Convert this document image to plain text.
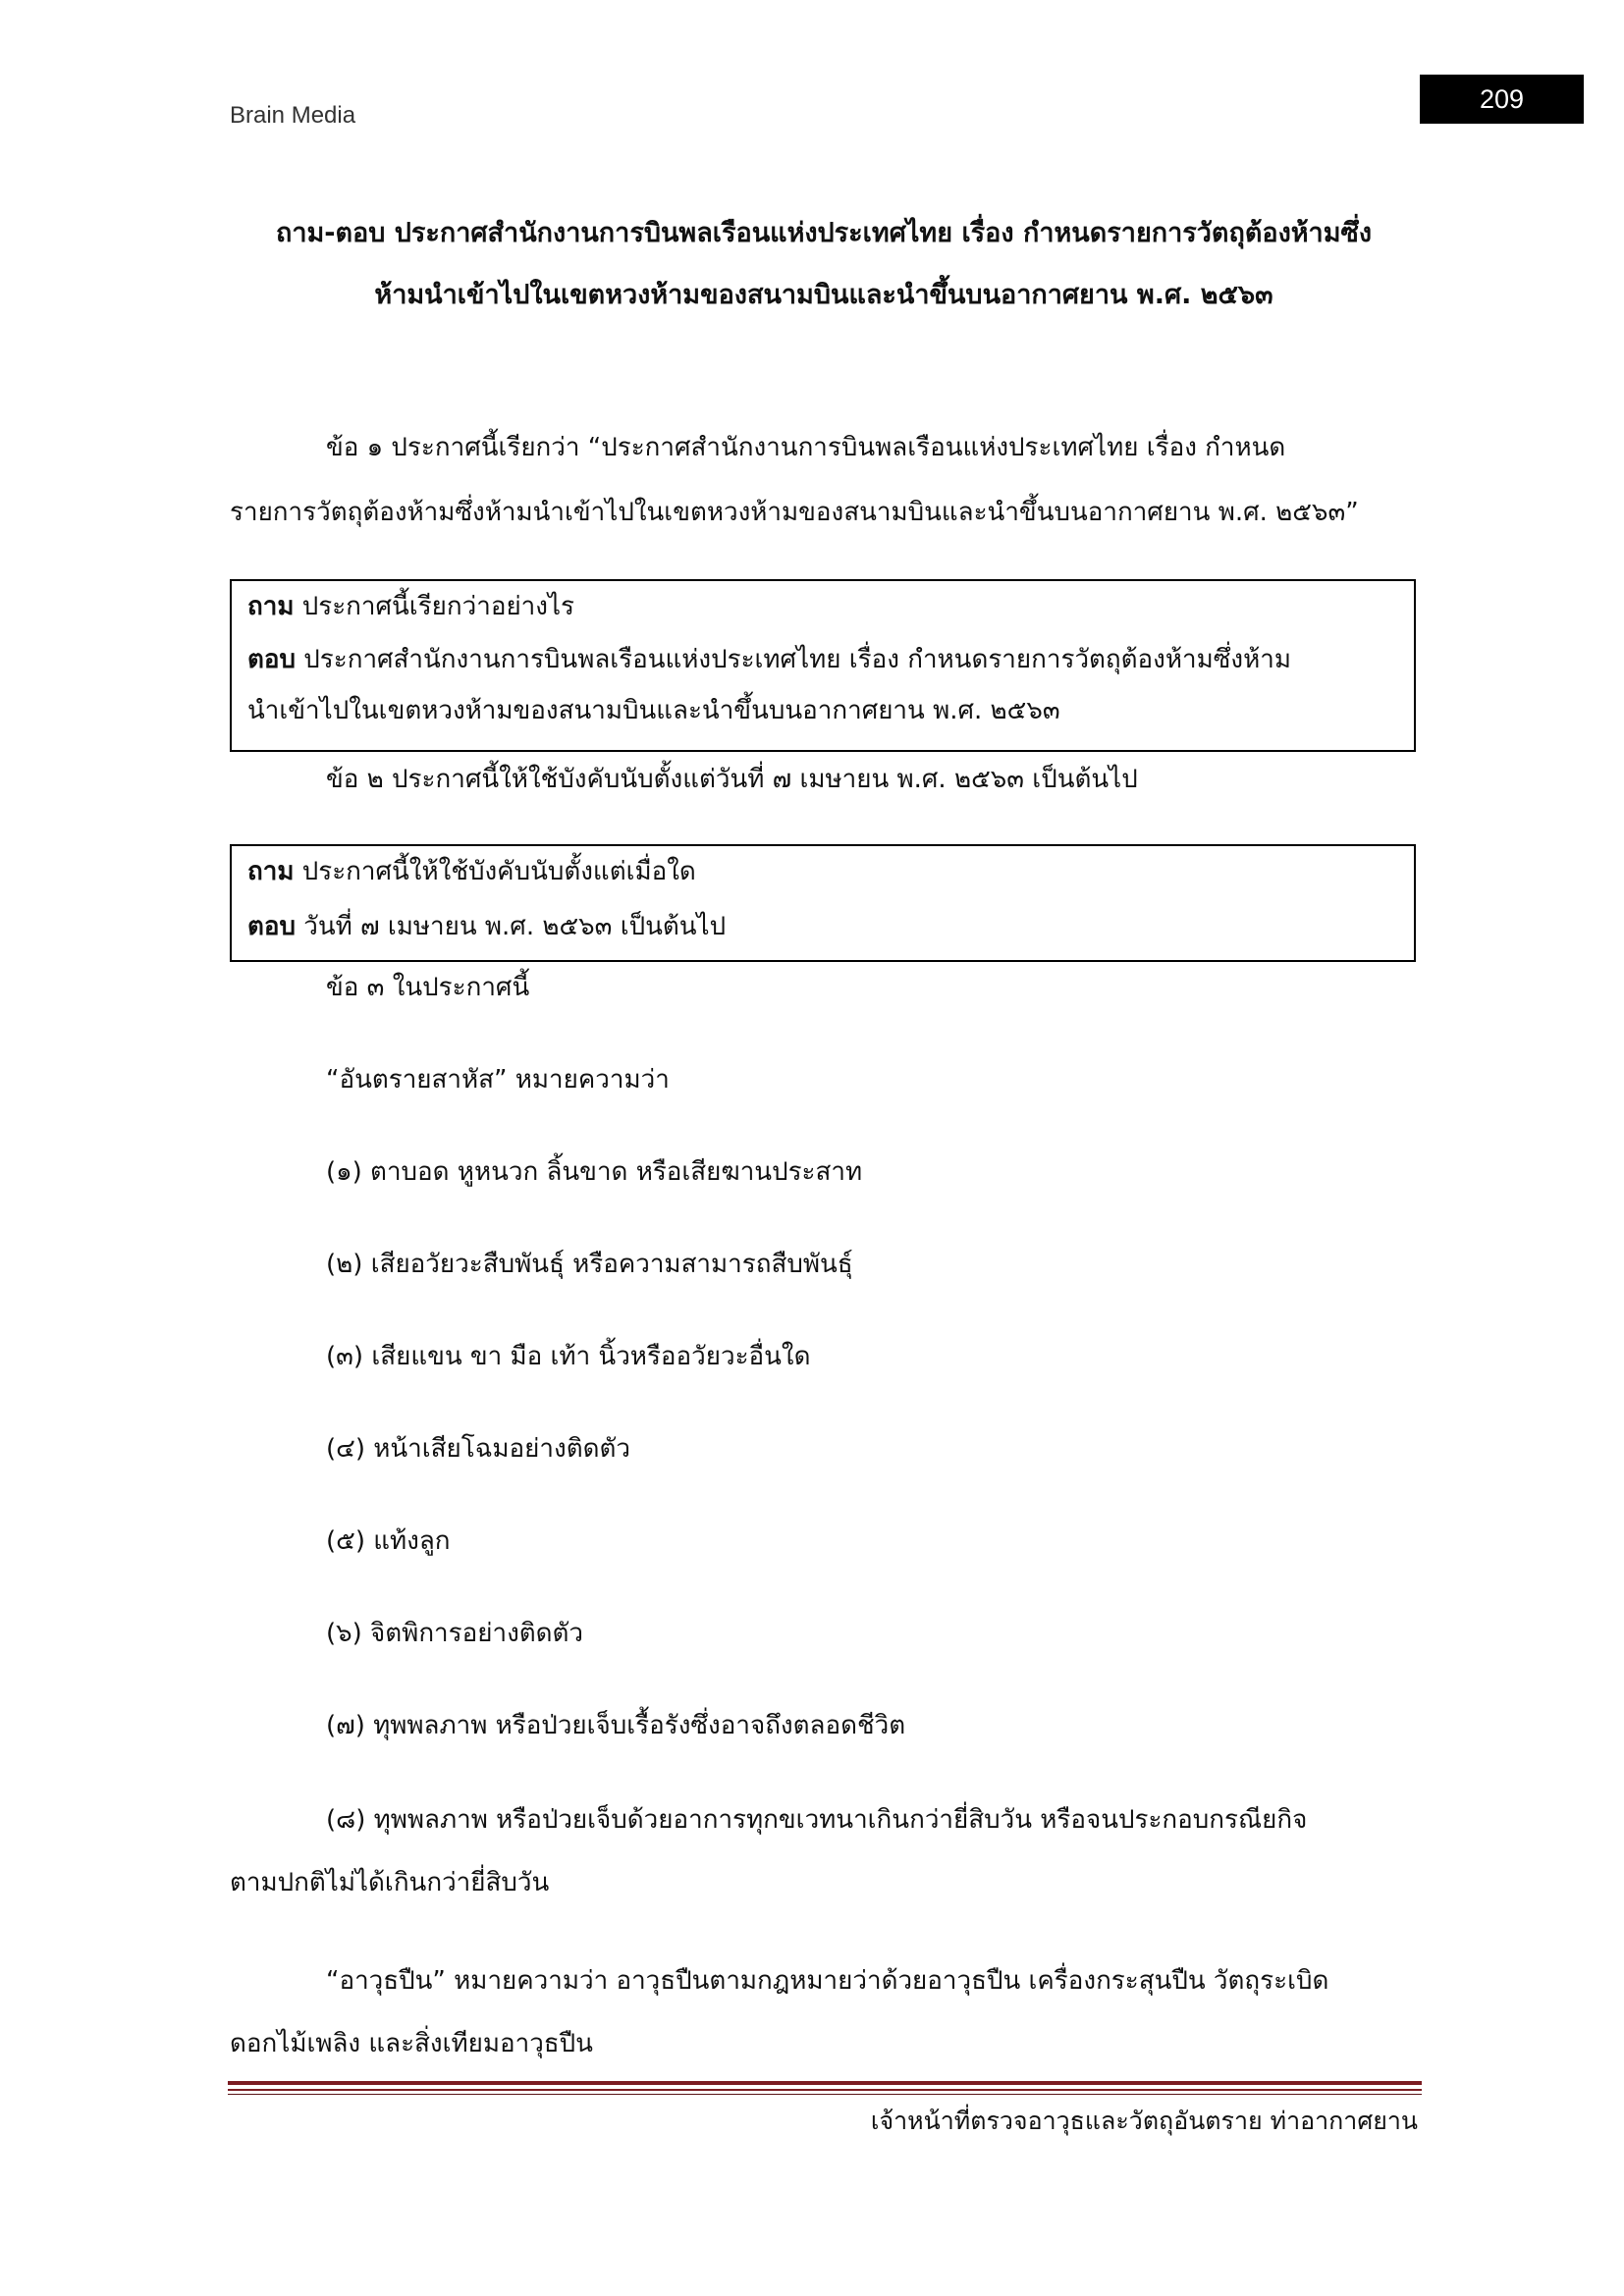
Brain Media
209
ถาม-ตอบ ประกาศสำนักงานการบินพลเรือนแห่งประเทศไทย เรื่อง กำหนดรายการวัตถุต้องห้ามซึ่ง
ห้ามนำเข้าไปในเขตหวงห้ามของสนามบินและนำขึ้นบนอากาศยาน พ.ศ. ๒๕๖๓
ข้อ ๑ ประกาศนี้เรียกว่า “ประกาศสำนักงานการบินพลเรือนแห่งประเทศไทย เรื่อง กำหนด
รายการวัตถุต้องห้ามซึ่งห้ามนำเข้าไปในเขตหวงห้ามของสนามบินและนำขึ้นบนอากาศยาน พ.ศ. ๒๕๖๓”
ถาม ประกาศนี้เรียกว่าอย่างไร
ตอบ ประกาศสำนักงานการบินพลเรือนแห่งประเทศไทย เรื่อง กำหนดรายการวัตถุต้องห้ามซึ่งห้าม
นำเข้าไปในเขตหวงห้ามของสนามบินและนำขึ้นบนอากาศยาน พ.ศ. ๒๕๖๓
ข้อ ๒ ประกาศนี้ให้ใช้บังคับนับตั้งแต่วันที่ ๗ เมษายน พ.ศ. ๒๕๖๓ เป็นต้นไป
ถาม ประกาศนี้ให้ใช้บังคับนับตั้งแต่เมื่อใด
ตอบ วันที่ ๗ เมษายน พ.ศ. ๒๕๖๓ เป็นต้นไป
ข้อ ๓ ในประกาศนี้
“อันตรายสาหัส” หมายความว่า
(๑) ตาบอด หูหนวก ลิ้นขาด หรือเสียฆานประสาท
(๒) เสียอวัยวะสืบพันธุ์ หรือความสามารถสืบพันธุ์
(๓) เสียแขน ขา มือ เท้า นิ้วหรืออวัยวะอื่นใด
(๔) หน้าเสียโฉมอย่างติดตัว
(๕) แท้งลูก
(๖) จิตพิการอย่างติดตัว
(๗) ทุพพลภาพ หรือป่วยเจ็บเรื้อรังซึ่งอาจถึงตลอดชีวิต
(๘) ทุพพลภาพ หรือป่วยเจ็บด้วยอาการทุกขเวทนาเกินกว่ายี่สิบวัน หรือจนประกอบกรณียกิจ
ตามปกติไม่ได้เกินกว่ายี่สิบวัน
“อาวุธปืน” หมายความว่า อาวุธปืนตามกฎหมายว่าด้วยอาวุธปืน เครื่องกระสุนปืน วัตถุระเบิด
ดอกไม้เพลิง และสิ่งเทียมอาวุธปืน
เจ้าหน้าที่ตรวจอาวุธและวัตถุอันตราย ท่าอากาศยาน
